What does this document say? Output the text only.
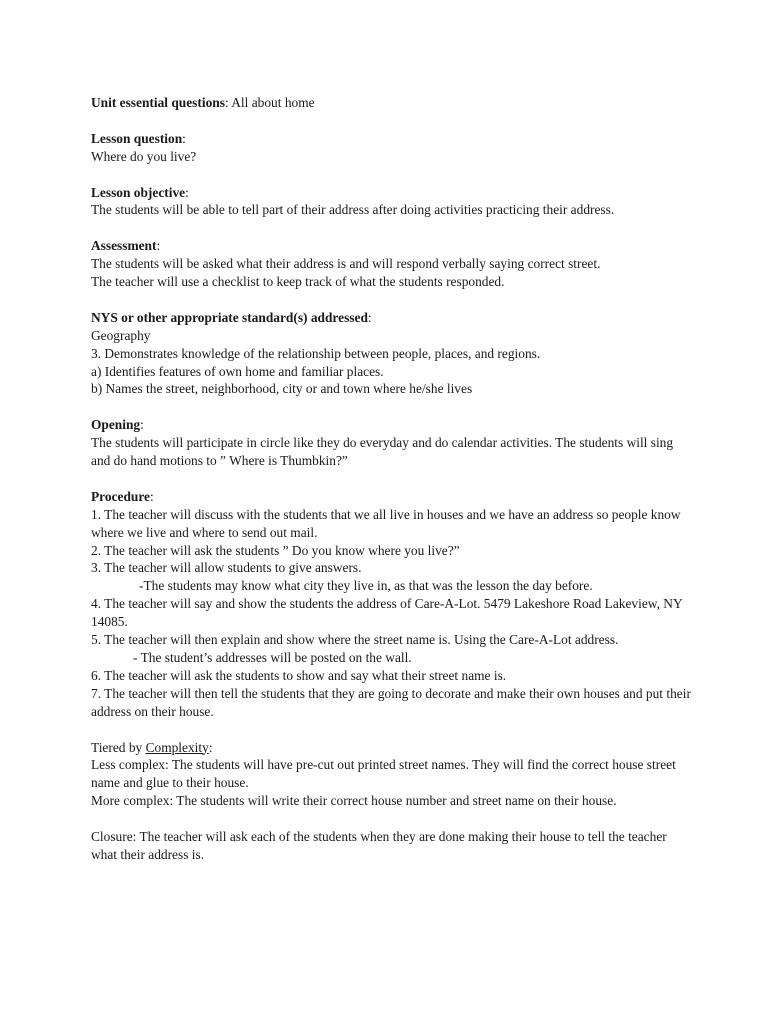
Unit essential questions: All about home

Lesson question:

Where do you live?

Lesson objective:

The students will be able to tell part of their address after doing activities practicing their address.

Assessment:

The students will be asked what their address is and will respond verbally saying correct street.

The teacher will use a checklist to keep track of what the students responded.

NYS or other appropriate standard(s) addressed:

Geography

3. Demonstrates knowledge of the relationship between people, places, and regions.

a) Identifies features of own home and familiar places.

b) Names the street, neighborhood, city or and town where he/she lives

Opening:

The students will participate in circle like they do everyday and do calendar activities. The students will sing and do hand motions to ” Where is Thumbkin?”

Procedure:

1. The teacher will discuss with the students that we all live in houses and we have an address so people know where we live and where to send out mail.

2. The teacher will ask the students ” Do you know where you live?”

3. The teacher will allow students to give answers.

-The students may know what city they live in, as that was the lesson the day before.

4. The teacher will say and show the students the address of Care-A-Lot. 5479 Lakeshore Road Lakeview, NY 14085.

5. The teacher will then explain and show where the street name is. Using the Care-A-Lot address.

- The student’s addresses will be posted on the wall.

6. The teacher will ask the students to show and say what their street name is.

7. The teacher will then tell the students that they are going to decorate and make their own houses and put their address on their house.

Tiered by Complexity:

Less complex: The students will have pre-cut out printed street names. They will find the correct house street name and glue to their house.

More complex: The students will write their correct house number and street name on their house.

Closure: The teacher will ask each of the students when they are done making their house to tell the teacher what their address is.
